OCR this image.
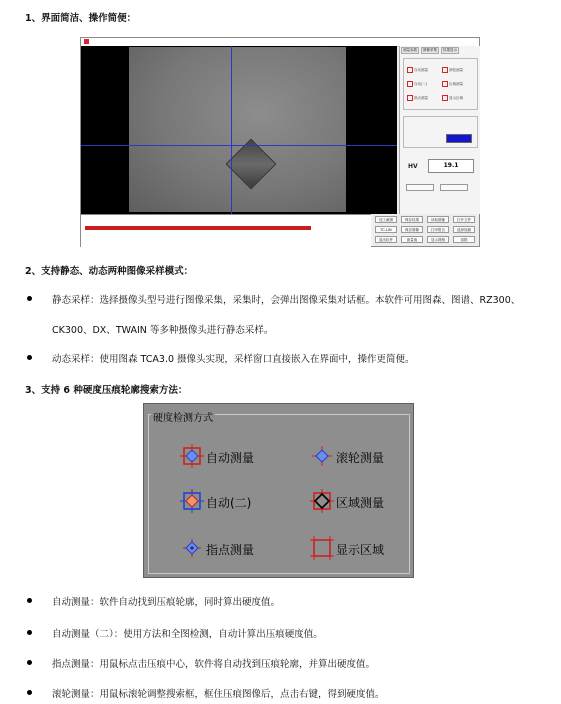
1、界面简洁、操作简便：
测量参数	图像采集	结果显示
自动测量	滚轮测量
自动(二)	区域测量
指点测量	显示区域
HV	19.1
加工截图	保存结果	读取图像	打开文件
TC-LIN	保存图像	打印报告	选择视频
退出软件	测量值	显示网格	清除
2、支持静态、动态两种图像采样模式：
静态采样：选择摄像头型号进行图像采集，采集时，会弹出图像采集对话框。本软件可用图森、图谱、RZ300、
CK300、DX、TWAIN 等多种摄像头进行静态采样。
动态采样：使用图森 TCA3.0 摄像头实现，采样窗口直接嵌入在界面中，操作更简便。
3、支持 6 种硬度压痕轮廓搜索方法：
硬度检测方式
自动测量	滚轮测量
自动(二)	区域测量
指点测量	显示区域
自动测量：软件自动找到压痕轮廓，同时算出硬度值。
自动测量（二）：使用方法和全图检测，自动计算出压痕硬度值。
指点测量：用鼠标点击压痕中心，软件将自动找到压痕轮廓，并算出硬度值。
滚轮测量：用鼠标滚轮调整搜索框，框住压痕图像后，点击右键，得到硬度值。
